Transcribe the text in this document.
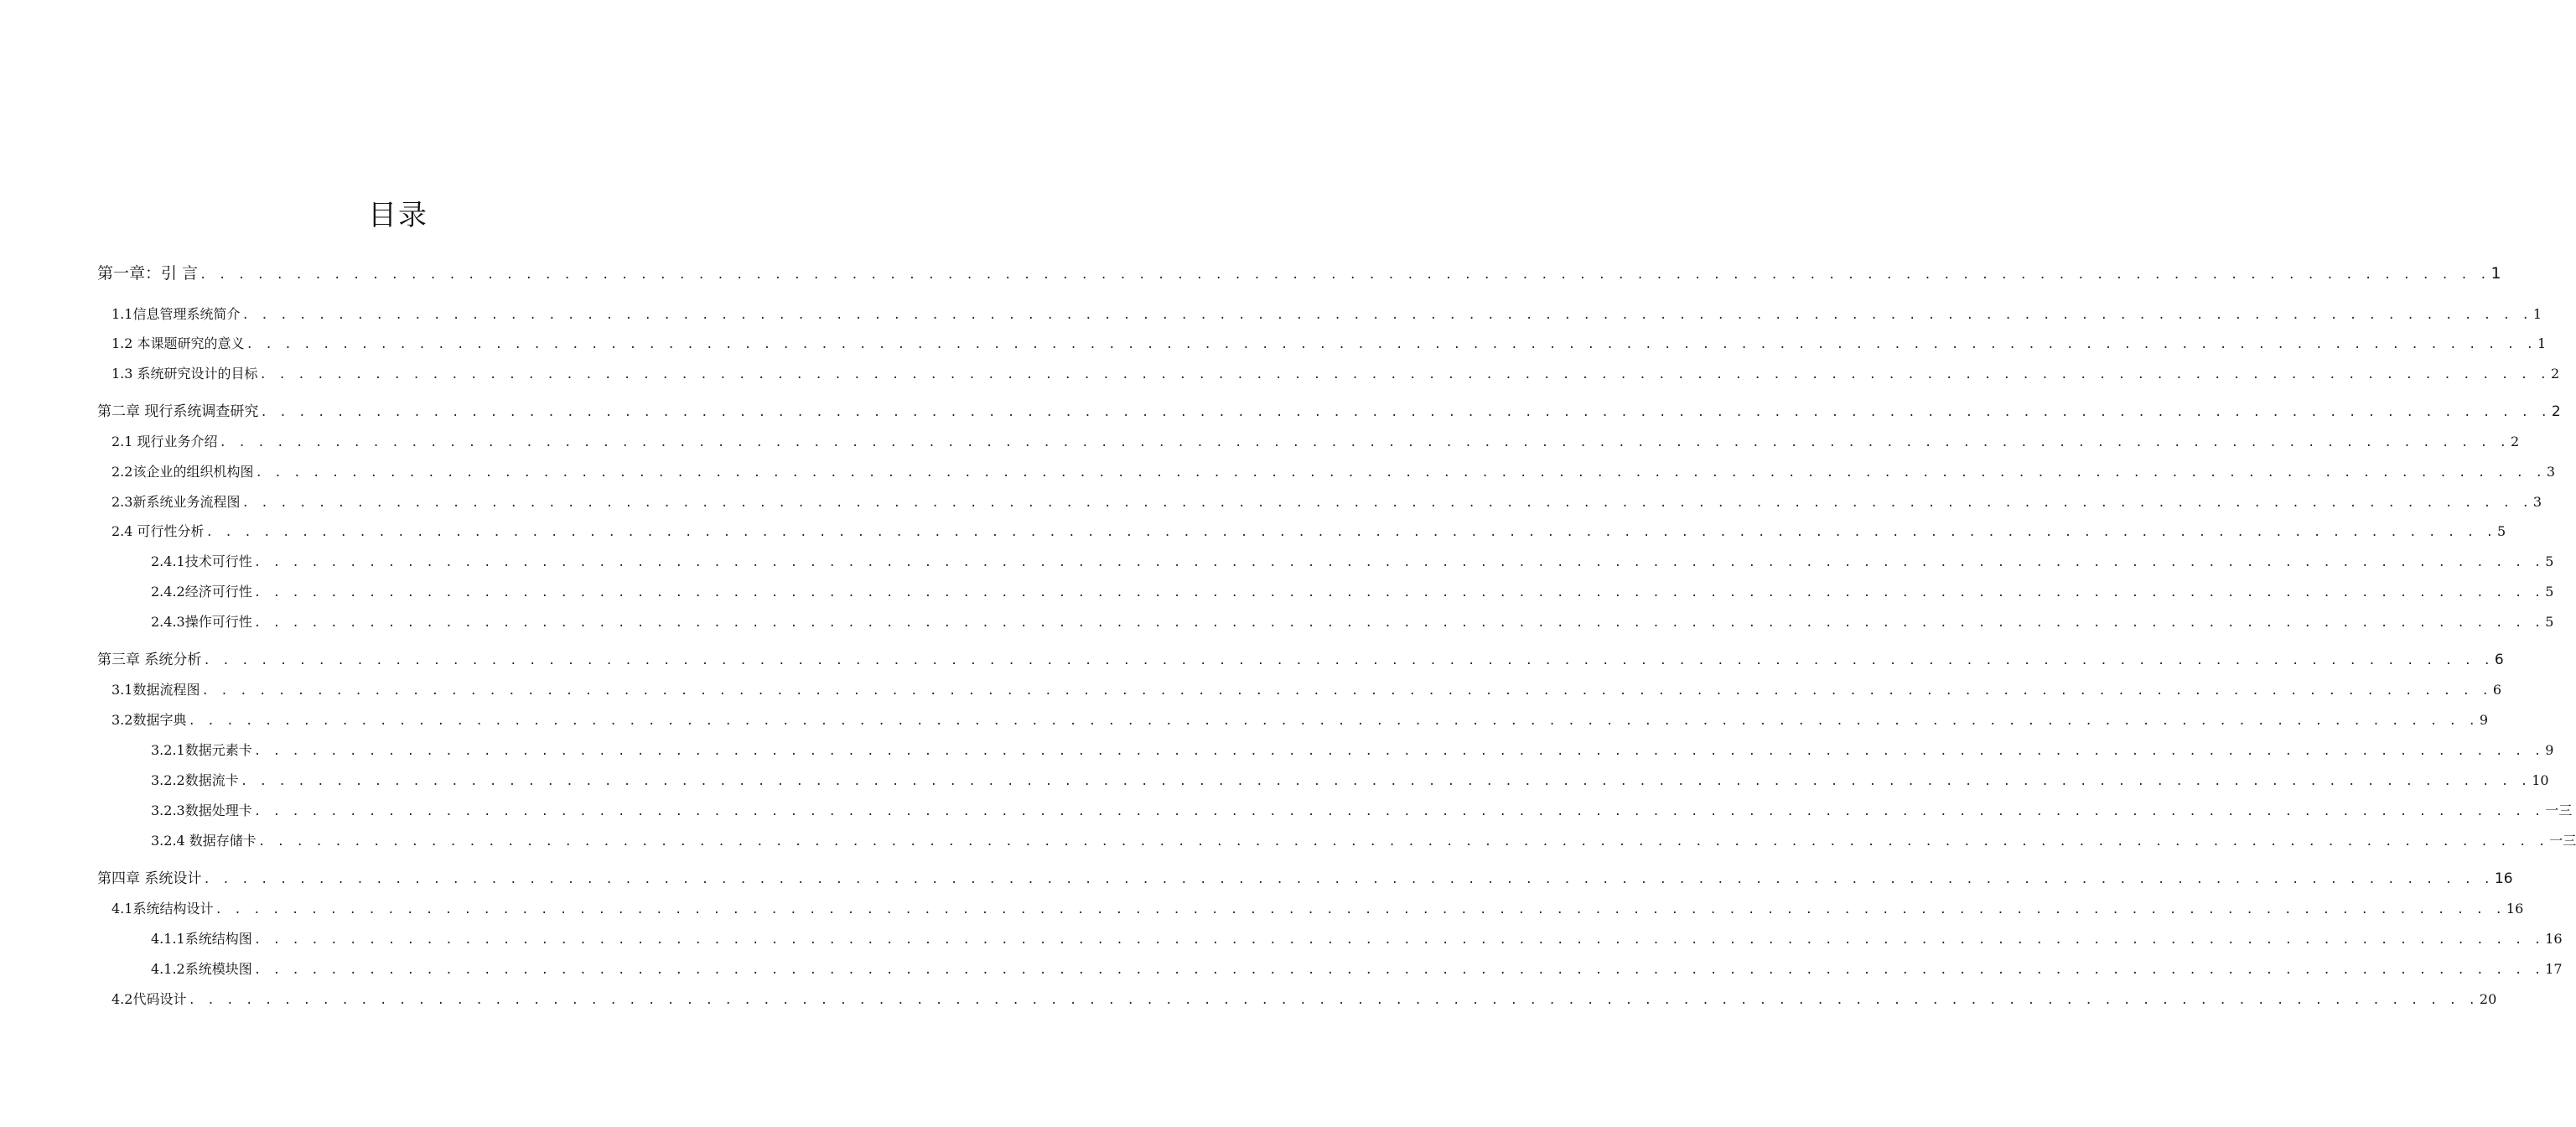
目录
第一章：引 言 . . . . . . . . . . . . . . . . . . . . . . . . . . . . . . . . . . . . . . . . . . . . . . . . . . . . . . . . . . . . . . . . . . . . . . . . . . . . . . . . . . . . . . . . . . . . . . . . . . . . . . . . . . . . . . . . . . . . . . . . 1
1.1信息管理系统简介 . . . . . . . . . . . . . . . . . . . . . . . . . . . . . . . . . . . . . . . . . . . . . . . . . . . . . . . . . . . . . . . . . . . . . . . . . . . . . . . . . . . . . . . . . . . . . . . . . . . . . . . . . . . . . . . . . . . . . . . . 1
1.2 本课题研究的意义 . . . . . . . . . . . . . . . . . . . . . . . . . . . . . . . . . . . . . . . . . . . . . . . . . . . . . . . . . . . . . . . . . . . . . . . . . . . . . . . . . . . . . . . . . . . . . . . . . . . . . . . . . . . . . . . . . . . . . . . . 1
1.3 系统研究设计的目标 . . . . . . . . . . . . . . . . . . . . . . . . . . . . . . . . . . . . . . . . . . . . . . . . . . . . . . . . . . . . . . . . . . . . . . . . . . . . . . . . . . . . . . . . . . . . . . . . . . . . . . . . . . . . . . . . . . . . . . . . 2
第二章 现行系统调查研究 . . . . . . . . . . . . . . . . . . . . . . . . . . . . . . . . . . . . . . . . . . . . . . . . . . . . . . . . . . . . . . . . . . . . . . . . . . . . . . . . . . . . . . . . . . . . . . . . . . . . . . . . . . . . . . . . . . . . . . . . 2
2.1 现行业务介绍 . . . . . . . . . . . . . . . . . . . . . . . . . . . . . . . . . . . . . . . . . . . . . . . . . . . . . . . . . . . . . . . . . . . . . . . . . . . . . . . . . . . . . . . . . . . . . . . . . . . . . . . . . . . . . . . . . . . . . . . . 2
2.2该企业的组织机构图 . . . . . . . . . . . . . . . . . . . . . . . . . . . . . . . . . . . . . . . . . . . . . . . . . . . . . . . . . . . . . . . . . . . . . . . . . . . . . . . . . . . . . . . . . . . . . . . . . . . . . . . . . . . . . . . . . . . . . . . . 3
2.3新系统业务流程图 . . . . . . . . . . . . . . . . . . . . . . . . . . . . . . . . . . . . . . . . . . . . . . . . . . . . . . . . . . . . . . . . . . . . . . . . . . . . . . . . . . . . . . . . . . . . . . . . . . . . . . . . . . . . . . . . . . . . . . . . 3
2.4 可行性分析 . . . . . . . . . . . . . . . . . . . . . . . . . . . . . . . . . . . . . . . . . . . . . . . . . . . . . . . . . . . . . . . . . . . . . . . . . . . . . . . . . . . . . . . . . . . . . . . . . . . . . . . . . . . . . . . . . . . . . . . . 5
2.4.1技术可行性 . . . . . . . . . . . . . . . . . . . . . . . . . . . . . . . . . . . . . . . . . . . . . . . . . . . . . . . . . . . . . . . . . . . . . . . . . . . . . . . . . . . . . . . . . . . . . . . . . . . . . . . . . . . . . . . . . . . . . . . . 5
2.4.2经济可行性 . . . . . . . . . . . . . . . . . . . . . . . . . . . . . . . . . . . . . . . . . . . . . . . . . . . . . . . . . . . . . . . . . . . . . . . . . . . . . . . . . . . . . . . . . . . . . . . . . . . . . . . . . . . . . . . . . . . . . . . . 5
2.4.3操作可行性 . . . . . . . . . . . . . . . . . . . . . . . . . . . . . . . . . . . . . . . . . . . . . . . . . . . . . . . . . . . . . . . . . . . . . . . . . . . . . . . . . . . . . . . . . . . . . . . . . . . . . . . . . . . . . . . . . . . . . . . . 5
第三章 系统分析 . . . . . . . . . . . . . . . . . . . . . . . . . . . . . . . . . . . . . . . . . . . . . . . . . . . . . . . . . . . . . . . . . . . . . . . . . . . . . . . . . . . . . . . . . . . . . . . . . . . . . . . . . . . . . . . . . . . . . . . . 6
3.1数据流程图 . . . . . . . . . . . . . . . . . . . . . . . . . . . . . . . . . . . . . . . . . . . . . . . . . . . . . . . . . . . . . . . . . . . . . . . . . . . . . . . . . . . . . . . . . . . . . . . . . . . . . . . . . . . . . . . . . . . . . . . . 6
3.2数据字典 . . . . . . . . . . . . . . . . . . . . . . . . . . . . . . . . . . . . . . . . . . . . . . . . . . . . . . . . . . . . . . . . . . . . . . . . . . . . . . . . . . . . . . . . . . . . . . . . . . . . . . . . . . . . . . . . . . . . . . . . 9
3.2.1数据元素卡 . . . . . . . . . . . . . . . . . . . . . . . . . . . . . . . . . . . . . . . . . . . . . . . . . . . . . . . . . . . . . . . . . . . . . . . . . . . . . . . . . . . . . . . . . . . . . . . . . . . . . . . . . . . . . . . . . . . . . . . . 9
3.2.2数据流卡 . . . . . . . . . . . . . . . . . . . . . . . . . . . . . . . . . . . . . . . . . . . . . . . . . . . . . . . . . . . . . . . . . . . . . . . . . . . . . . . . . . . . . . . . . . . . . . . . . . . . . . . . . . . . . . . . . . . . . . . . 10
3.2.3数据处理卡 . . . . . . . . . . . . . . . . . . . . . . . . . . . . . . . . . . . . . . . . . . . . . . . . . . . . . . . . . . . . . . . . . . . . . . . . . . . . . . . . . . . . . . . . . . . . . . . . . . . . . . . . . . . . . . . . . . . . . . . . 一三
3.2.4 数据存储卡 . . . . . . . . . . . . . . . . . . . . . . . . . . . . . . . . . . . . . . . . . . . . . . . . . . . . . . . . . . . . . . . . . . . . . . . . . . . . . . . . . . . . . . . . . . . . . . . . . . . . . . . . . . . . . . . . . . . . . . . . 一三
第四章 系统设计 . . . . . . . . . . . . . . . . . . . . . . . . . . . . . . . . . . . . . . . . . . . . . . . . . . . . . . . . . . . . . . . . . . . . . . . . . . . . . . . . . . . . . . . . . . . . . . . . . . . . . . . . . . . . . . . . . . . . . . . . 16
4.1系统结构设计 . . . . . . . . . . . . . . . . . . . . . . . . . . . . . . . . . . . . . . . . . . . . . . . . . . . . . . . . . . . . . . . . . . . . . . . . . . . . . . . . . . . . . . . . . . . . . . . . . . . . . . . . . . . . . . . . . . . . . . . . 16
4.1.1系统结构图 . . . . . . . . . . . . . . . . . . . . . . . . . . . . . . . . . . . . . . . . . . . . . . . . . . . . . . . . . . . . . . . . . . . . . . . . . . . . . . . . . . . . . . . . . . . . . . . . . . . . . . . . . . . . . . . . . . . . . . . . 16
4.1.2系统模块图 . . . . . . . . . . . . . . . . . . . . . . . . . . . . . . . . . . . . . . . . . . . . . . . . . . . . . . . . . . . . . . . . . . . . . . . . . . . . . . . . . . . . . . . . . . . . . . . . . . . . . . . . . . . . . . . . . . . . . . . . 17
4.2代码设计 . . . . . . . . . . . . . . . . . . . . . . . . . . . . . . . . . . . . . . . . . . . . . . . . . . . . . . . . . . . . . . . . . . . . . . . . . . . . . . . . . . . . . . . . . . . . . . . . . . . . . . . . . . . . . . . . . . . . . . . . 20
